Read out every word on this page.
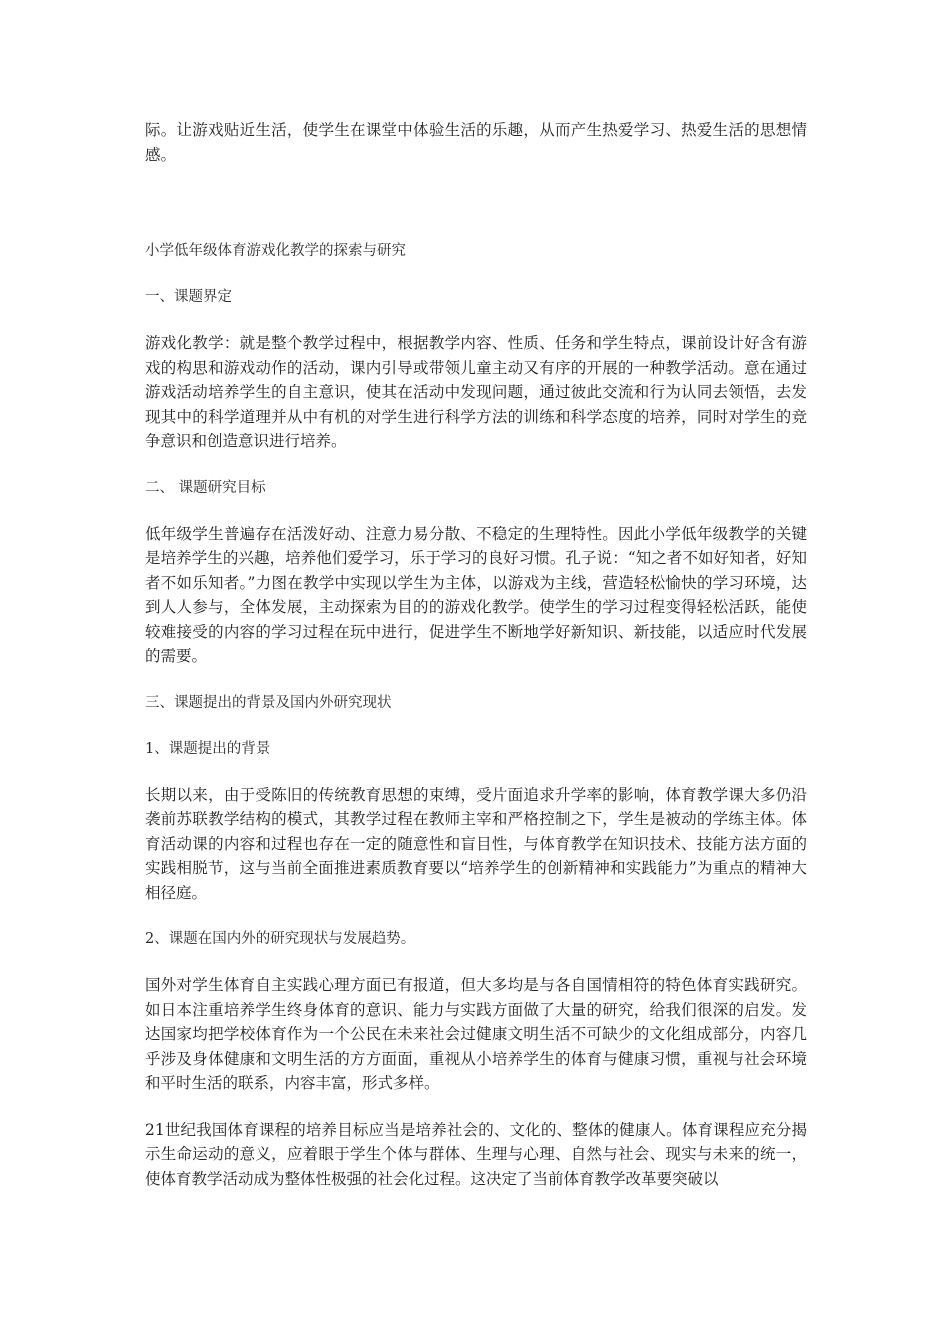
际。让游戏贴近生活，使学生在课堂中体验生活的乐趣，从而产生热爱学习、热爱生活的思想情感。

小学低年级体育游戏化教学的探索与研究

一、课题界定

游戏化教学：就是整个教学过程中，根据教学内容、性质、任务和学生特点，课前设计好含有游戏的构思和游戏动作的活动，课内引导或带领儿童主动又有序的开展的一种教学活动。意在通过游戏活动培养学生的自主意识，使其在活动中发现问题，通过彼此交流和行为认同去领悟，去发现其中的科学道理并从中有机的对学生进行科学方法的训练和科学态度的培养，同时对学生的竞争意识和创造意识进行培养。

二、 课题研究目标

低年级学生普遍存在活泼好动、注意力易分散、不稳定的生理特性。因此小学低年级教学的关键是培养学生的兴趣，培养他们爱学习，乐于学习的良好习惯。孔子说：“知之者不如好知者，好知者不如乐知者。”力图在教学中实现以学生为主体，以游戏为主线，营造轻松愉快的学习环境，达到人人参与，全体发展，主动探索为目的的游戏化教学。使学生的学习过程变得轻松活跃，能使较难接受的内容的学习过程在玩中进行，促进学生不断地学好新知识、新技能，以适应时代发展的需要。

三、课题提出的背景及国内外研究现状

1、课题提出的背景

长期以来，由于受陈旧的传统教育思想的束缚，受片面追求升学率的影响，体育教学课大多仍沿袭前苏联教学结构的模式，其教学过程在教师主宰和严格控制之下，学生是被动的学练主体。体育活动课的内容和过程也存在一定的随意性和盲目性，与体育教学在知识技术、技能方法方面的实践相脱节，这与当前全面推进素质教育要以“培养学生的创新精神和实践能力”为重点的精神大相径庭。

2、课题在国内外的研究现状与发展趋势。

国外对学生体育自主实践心理方面已有报道，但大多均是与各自国情相符的特色体育实践研究。如日本注重培养学生终身体育的意识、能力与实践方面做了大量的研究，给我们很深的启发。发达国家均把学校体育作为一个公民在未来社会过健康文明生活不可缺少的文化组成部分，内容几乎涉及身体健康和文明生活的方方面面，重视从小培养学生的体育与健康习惯，重视与社会环境和平时生活的联系，内容丰富，形式多样。

21世纪我国体育课程的培养目标应当是培养社会的、文化的、整体的健康人。体育课程应充分揭示生命运动的意义，应着眼于学生个体与群体、生理与心理、自然与社会、现实与未来的统一，使体育教学活动成为整体性极强的社会化过程。这决定了当前体育教学改革要突破以
